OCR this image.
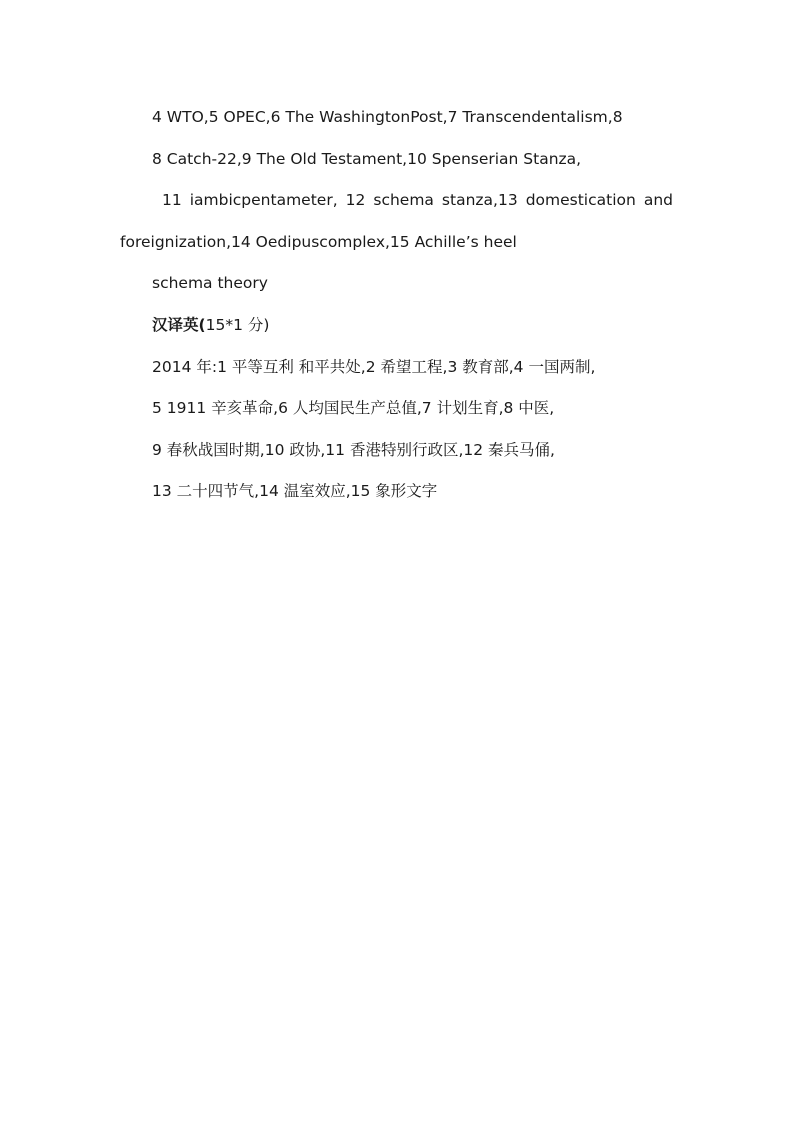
4 WTO,5 OPEC,6 The WashingtonPost,7 Transcendentalism,8
8 Catch-22,9 The Old Testament,10 Spenserian Stanza,
11 iambicpentameter, 12 schema stanza,13 domestication and
foreignization,14 Oedipuscomplex,15 Achille’s heel
schema theory
汉译英(15*1 分)
2014 年:1 平等互利 和平共处,2 希望工程,3 教育部,4 一国两制,
5 1911 辛亥革命,6 人均国民生产总值,7 计划生育,8 中医,
9 春秋战国时期,10 政协,11 香港特别行政区,12 秦兵马俑,
13 二十四节气,14 温室效应,15 象形文字
